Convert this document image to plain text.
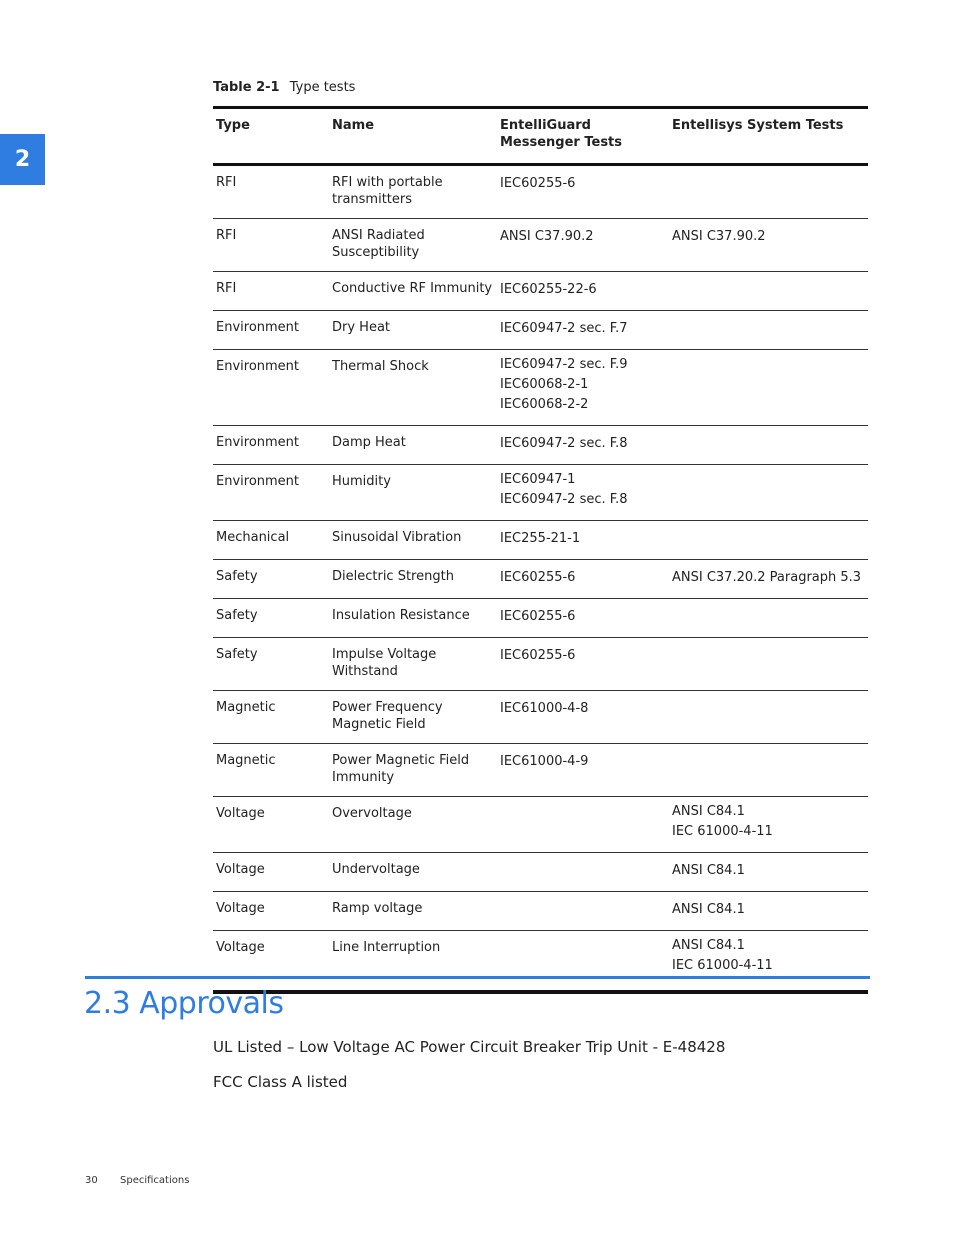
2
Table 2-1 Type tests
Type	Name	EntelliGuard Messenger Tests	Entellisys System Tests
RFI	RFI with portable transmitters	IEC60255-6	

RFI	ANSI Radiated Susceptibility	ANSI C37.90.2	ANSI C37.90.2

RFI	Conductive RF Immunity	IEC60255-22-6	

Environment	Dry Heat	IEC60947-2 sec. F.7	

Environment	Thermal Shock	IEC60947-2 sec. F.9
IEC60068-2-1
IEC60068-2-2	

Environment	Damp Heat	IEC60947-2 sec. F.8	

Environment	Humidity	IEC60947-1
IEC60947-2 sec. F.8	

Mechanical	Sinusoidal Vibration	IEC255-21-1	

Safety	Dielectric Strength	IEC60255-6	ANSI C37.20.2 Paragraph 5.3

Safety	Insulation Resistance	IEC60255-6	

Safety	Impulse Voltage Withstand	IEC60255-6	

Magnetic	Power Frequency Magnetic Field	IEC61000-4-8	

Magnetic	Power Magnetic Field Immunity	IEC61000-4-9	

Voltage	Overvoltage		ANSI C84.1
IEC 61000-4-11

Voltage	Undervoltage		ANSI C84.1

Voltage	Ramp voltage		ANSI C84.1

Voltage	Line Interruption		ANSI C84.1
IEC 61000-4-11
2.3 Approvals

UL Listed – Low Voltage AC Power Circuit Breaker Trip Unit - E-48428

FCC Class A listed

30 Specifications
